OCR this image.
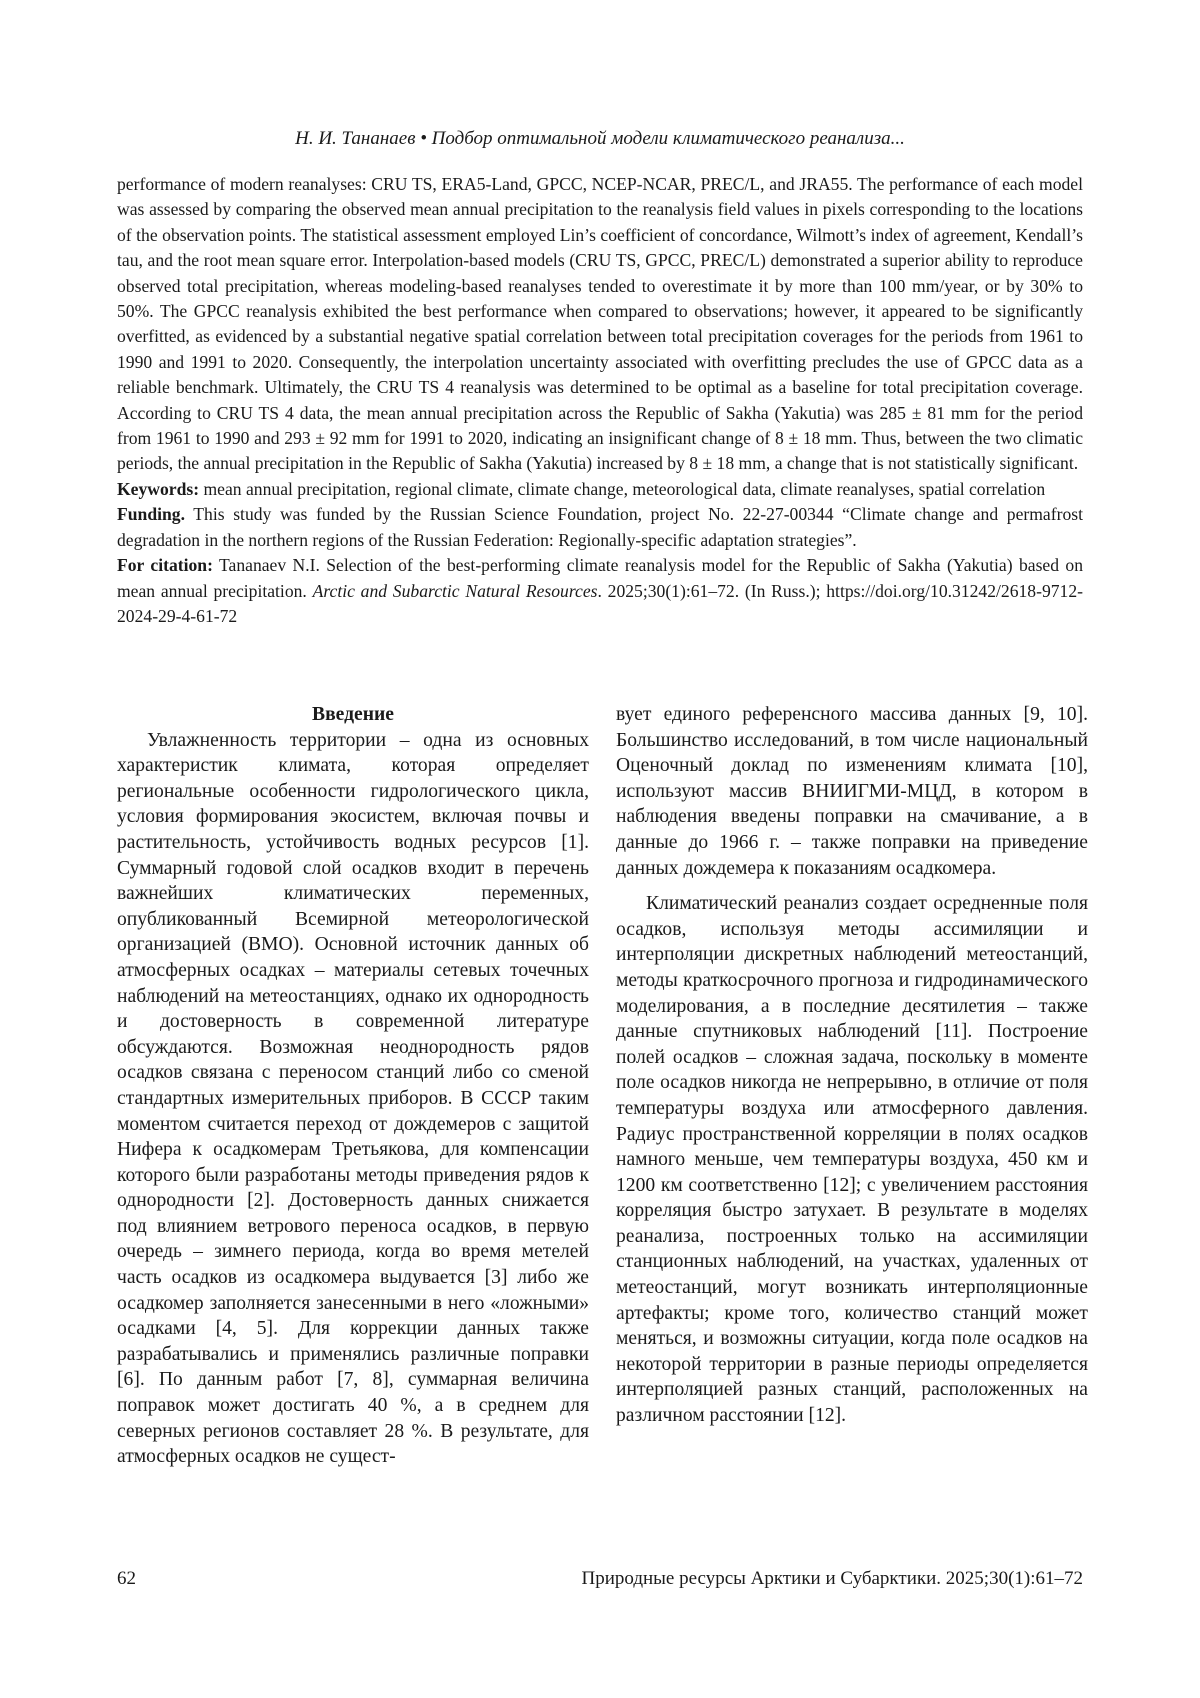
Н. И. Тананаев • Подбор оптимальной модели климатического реанализа...

performance of modern reanalyses: CRU TS, ERA5-Land, GPCC, NCEP-NCAR, PREC/L, and JRA55. The performance of each model was assessed by comparing the observed mean annual precipitation to the reanalysis field values in pixels corresponding to the locations of the observation points. The statistical assessment employed Lin’s coefficient of concordance, Wilmott’s index of agreement, Kendall’s tau, and the root mean square error. Interpolation-based models (CRU TS, GPCC, PREC/L) demonstrated a superior ability to reproduce observed total precipitation, whereas modeling-based reanalyses tended to overestimate it by more than 100 mm/year, or by 30% to 50%. The GPCC reanalysis exhibited the best performance when compared to observations; however, it appeared to be significantly overfitted, as evidenced by a substantial negative spatial correlation between total precipitation coverages for the periods from 1961 to 1990 and 1991 to 2020. Consequently, the interpolation uncertainty associated with overfitting precludes the use of GPCC data as a reliable benchmark. Ultimately, the CRU TS 4 reanalysis was determined to be optimal as a baseline for total precipitation coverage. According to CRU TS 4 data, the mean annual precipitation across the Republic of Sakha (Yakutia) was 285 ± 81 mm for the period from 1961 to 1990 and 293 ± 92 mm for 1991 to 2020, indicating an insignificant change of 8 ± 18 mm. Thus, between the two climatic periods, the annual precipitation in the Republic of Sakha (Yakutia) increased by 8 ± 18 mm, a change that is not statistically significant.

Keywords: mean annual precipitation, regional climate, climate change, meteorological data, climate reanalyses, spatial correlation

Funding. This study was funded by the Russian Science Foundation, project No. 22-27-00344 “Climate change and permafrost degradation in the northern regions of the Russian Federation: Regionally-specific adaptation strategies”.

For citation: Tananaev N.I. Selection of the best-performing climate reanalysis model for the Republic of Sakha (Yakutia) based on mean annual precipitation. Arctic and Subarctic Natural Resources. 2025;30(1):61–72. (In Russ.); https://doi.org/10.31242/2618-9712-2024-29-4-61-72

Введение

Увлажненность территории – одна из основных характеристик климата, которая определяет региональные особенности гидрологического цикла, условия формирования экосистем, включая почвы и растительность, устойчивость водных ресурсов [1]. Суммарный годовой слой осадков входит в перечень важнейших климатических переменных, опубликованный Всемирной метеорологической организацией (ВМО). Основной источник данных об атмосферных осадках – материалы сетевых точечных наблюдений на метеостанциях, однако их однородность и достоверность в современной литературе обсуждаются. Возможная неоднородность рядов осадков связана с переносом станций либо со сменой стандартных измерительных приборов. В СССР таким моментом считается переход от дождемеров с защитой Нифера к осадкомерам Третьякова, для компенсации которого были разработаны методы приведения рядов к однородности [2]. Достоверность данных снижается под влиянием ветрового переноса осадков, в первую очередь – зимнего периода, когда во время метелей часть осадков из осадкомера выдувается [3] либо же осадкомер заполняется занесенными в него «ложными» осадками [4, 5]. Для коррекции данных также разрабатывались и применялись различные поправки [6]. По данным работ [7, 8], суммарная величина поправок может достигать 40 %, а в среднем для северных регионов составляет 28 %. В результате, для атмосферных осадков не сущест-

вует единого референсного массива данных [9, 10]. Большинство исследований, в том числе национальный Оценочный доклад по изменениям климата [10], используют массив ВНИИГМИ-МЦД, в котором в наблюдения введены поправки на смачивание, а в данные до 1966 г. – также поправки на приведение данных дождемера к показаниям осадкомера.

Климатический реанализ создает осредненные поля осадков, используя методы ассимиляции и интерполяции дискретных наблюдений метеостанций, методы краткосрочного прогноза и гидродинамического моделирования, а в последние десятилетия – также данные спутниковых наблюдений [11]. Построение полей осадков – сложная задача, поскольку в моменте поле осадков никогда не непрерывно, в отличие от поля температуры воздуха или атмосферного давления. Радиус пространственной корреляции в полях осадков намного меньше, чем температуры воздуха, 450 км и 1200 км соответственно [12]; с увеличением расстояния корреляция быстро затухает. В результате в моделях реанализа, построенных только на ассимиляции станционных наблюдений, на участках, удаленных от метеостанций, могут возникать интерполяционные артефакты; кроме того, количество станций может меняться, и возможны ситуации, когда поле осадков на некоторой территории в разные периоды определяется интерполяцией разных станций, расположенных на различном расстоянии [12].

62	Природные ресурсы Арктики и Субарктики. 2025;30(1):61–72
